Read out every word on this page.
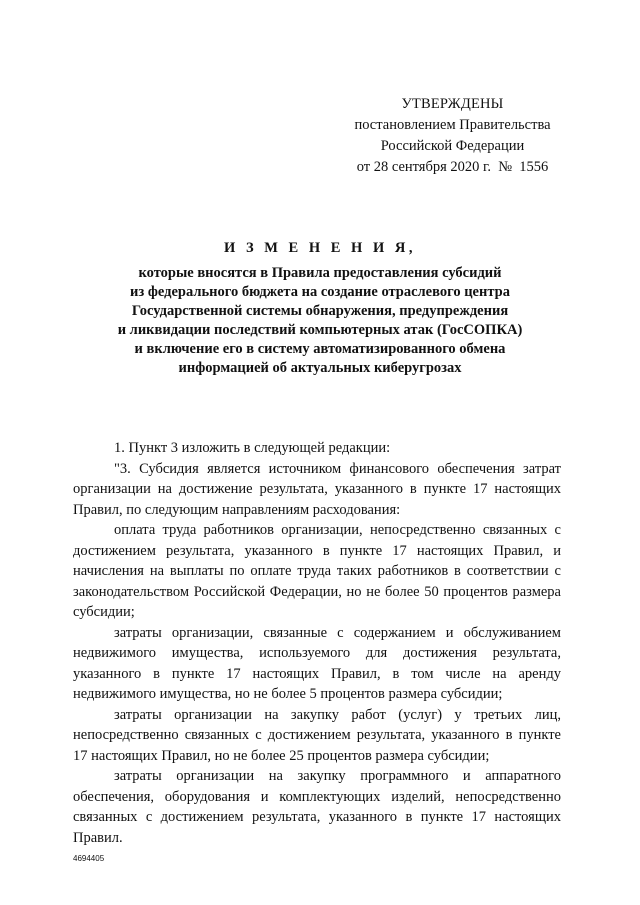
УТВЕРЖДЕНЫ
постановлением Правительства
Российской Федерации
от 28 сентября 2020 г.  №  1556
И З М Е Н Е Н И Я,
которые вносятся в Правила предоставления субсидий
из федерального бюджета на создание отраслевого центра
Государственной системы обнаружения, предупреждения
и ликвидации последствий компьютерных атак (ГосСОПКА)
и включение его в систему автоматизированного обмена
информацией об актуальных киберугрозах

1. Пункт 3 изложить в следующей редакции:

"3. Субсидия является источником финансового обеспечения затрат организации на достижение результата, указанного в пункте 17 настоящих Правил, по следующим направлениям расходования:

оплата труда работников организации, непосредственно связанных с достижением результата, указанного в пункте 17 настоящих Правил, и начисления на выплаты по оплате труда таких работников в соответствии с законодательством Российской Федерации, но не более 50 процентов размера субсидии;

затраты организации, связанные с содержанием и обслуживанием недвижимого имущества, используемого для достижения результата, указанного в пункте 17 настоящих Правил, в том числе на аренду недвижимого имущества, но не более 5 процентов размера субсидии;

затраты организации на закупку работ (услуг) у третьих лиц, непосредственно связанных с достижением результата, указанного в пункте 17 настоящих Правил, но не более 25 процентов размера субсидии;

затраты организации на закупку программного и аппаратного обеспечения, оборудования и комплектующих изделий, непосредственно связанных с достижением результата, указанного в пункте 17 настоящих Правил.

4694405
